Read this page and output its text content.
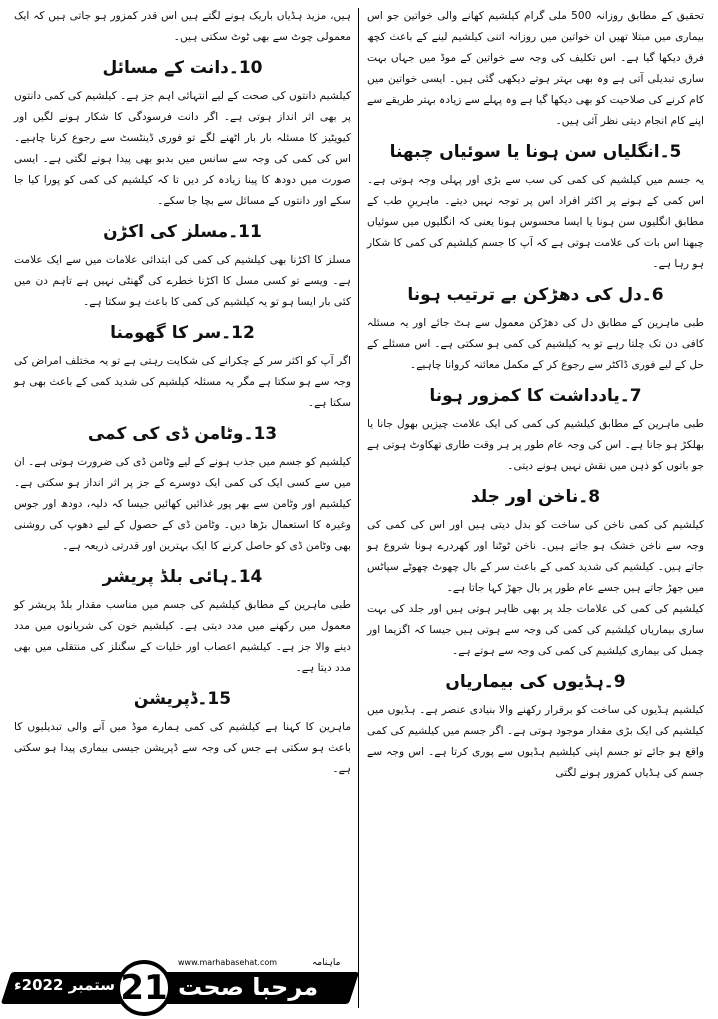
تحقیق کے مطابق روزانہ 500 ملی گرام کیلشیم کھانے والی خواتین جو اس بیماری میں مبتلا تھیں ان خواتین میں روزانہ اتنی کیلشیم لینے کے باعث کچھ فرق دیکھا گیا ہے۔ اس تکلیف کی وجہ سے خواتین کے موڈ میں جہاں بہت ساری تبدیلی آتی ہے وہ بھی بہتر ہوتے دیکھی گئی ہیں۔ ایسی خواتین میں کام کرنے کی صلاحیت کو بھی دیکھا گیا ہے وہ پہلے سے زیادہ بہتر طریقے سے اپنے کام انجام دیتی نظر آئی ہیں۔

5۔انگلیاں سن ہونا یا سوئیاں چبھنا

یہ جسم میں کیلشیم کی کمی کی سب سے بڑی اور پہلی وجہ ہوتی ہے۔ اس کمی کے ہونے پر اکثر افراد اس پر توجہ نہیں دیتے۔ ماہرینِ طب کے مطابق انگلیوں سن ہونا یا ایسا محسوس ہونا یعنی کہ انگلیوں میں سوئیاں چبھنا اس بات کی علامت ہوتی ہے کہ آپ کا جسم کیلشیم کی کمی کا شکار ہو رہا ہے۔

6۔دل کی دھڑکن بے ترتیب ہونا

طبی ماہرین کے مطابق دل کی دھڑکن معمول سے ہٹ جائے اور یہ مسئلہ کافی دن تک چلتا رہے تو یہ کیلشیم کی کمی ہو سکتی ہے۔ اس مسئلے کے حل کے لیے فوری ڈاکٹر سے رجوع کر کے مکمل معائنہ کروانا چاہیے۔

7۔یادداشت کا کمزور ہونا

طبی ماہرین کے مطابق کیلشیم کی کمی کی ایک علامت چیزیں بھول جانا یا بھلکڑ ہو جانا ہے۔ اس کی وجہ عام طور پر ہر وقت طاری تھکاوٹ ہوتی ہے جو باتوں کو ذہن میں نقش نہیں ہونے دیتی۔

8۔ناخن اور جلد

کیلشیم کی کمی ناخن کی ساخت کو بدل دیتی ہیں اور اس کی کمی کی وجہ سے ناخن خشک ہو جاتے ہیں۔ ناخن ٹوٹنا اور کھردرے ہونا شروع ہو جاتے ہیں۔ کیلشیم کی شدید کمی کے باعث سر کے بال چھوٹ چھوٹے سپاٹس میں جھڑ جاتے ہیں جسے عام طور پر بال جھڑ کہا جاتا ہے۔

کیلشیم کی کمی کی علامات جلد پر بھی ظاہر ہوتی ہیں اور جلد کی بہت ساری بیماریاں کیلشیم کی کمی کی وجہ سے ہوتی ہیں جیسا کہ اگزیما اور چمبل کی بیماری کیلشیم کی کمی کی وجہ سے ہوتے ہے۔

9۔ہڈیوں کی بیماریاں

کیلشیم ہڈیوں کی ساخت کو برقرار رکھنے والا بنیادی عنصر ہے۔ ہڈیوں میں کیلشیم کی ایک بڑی مقدار موجود ہوتی ہے۔ اگر جسم میں کیلشیم کی کمی واقع ہو جائے تو جسم اپنی کیلشیم ہڈیوں سے پوری کرتا ہے۔ اس وجہ سے جسم کی ہڈیاں کمزور ہونے لگتی

ہیں، مزید ہڈیاں باریک ہونے لگتے ہیں اس قدر کمزور ہو جاتی ہیں کہ ایک معمولی چوٹ سے بھی ٹوٹ سکتی ہیں۔

10۔دانت کے مسائل

کیلشیم دانتوں کی صحت کے لیے انتہائی اہم جز ہے۔ کیلشیم کی کمی دانتوں پر بھی اثر انداز ہوتی ہے۔ اگر دانت فرسودگی کا شکار ہونے لگیں اور کیویٹیز کا مسئلہ بار بار اٹھنے لگے تو فوری ڈینٹسٹ سے رجوع کرنا چاہیے۔ اس کی کمی کی وجہ سے سانس میں بدبو بھی پیدا ہونے لگتی ہے۔ ایسی صورت میں دودھ کا پینا زیادہ کر دیں تا کہ کیلشیم کی کمی کو پورا کیا جا سکے اور دانتوں کے مسائل سے بچا جا سکے۔

11۔مسلز کی اکڑن

مسلز کا اکڑنا بھی کیلشیم کی کمی کی ابتدائی علامات میں سے ایک علامت ہے۔ ویسے تو کسی مسل کا اکڑنا خطرے کی گھنٹی نہیں ہے تاہم دن میں کئی بار ایسا ہو تو یہ کیلشیم کی کمی کا باعث ہو سکتا ہے۔

12۔سر کا گھومنا

اگر آپ کو اکثر سر کے چکرانے کی شکایت رہتی ہے تو یہ مختلف امراض کی وجہ سے ہو سکتا ہے مگر یہ مسئلہ کیلشیم کی شدید کمی کے باعث بھی ہو سکتا ہے۔

13۔وٹامن ڈی کی کمی

کیلشیم کو جسم میں جذب ہونے کے لیے وٹامن ڈی کی ضرورت ہوتی ہے۔ ان میں سے کسی ایک کی کمی ایک دوسرے کے جز پر اثر انداز ہو سکتی ہے۔ کیلشیم اور وٹامن سے بھر پور غذائیں کھائیں جیسا کہ دلیہ، دودھ اور جوس وغیرہ کا استعمال بڑھا دیں۔ وٹامن ڈی کے حصول کے لیے دھوپ کی روشنی بھی وٹامن ڈی کو حاصل کرنے کا ایک بہترین اور قدرتی ذریعہ ہے۔

14۔ہائی بلڈ پریشر

طبی ماہرین کے مطابق کیلشیم کی جسم میں مناسب مقدار بلڈ پریشر کو معمول میں رکھنے میں مدد دیتی ہے۔ کیلشیم خون کی شریانوں میں مدد دینے والا جز ہے۔ کیلشیم اعصاب اور خلیات کے سگنلز کی منتقلی میں بھی مدد دیتا ہے۔

15۔ڈپریشن

ماہرین کا کہنا ہے کیلشیم کی کمی ہمارے موڈ میں آنے والی تبدیلیوں کا باعث ہو سکتی ہے جس کی وجہ سے ڈپریشن جیسی بیماری پیدا ہو سکتی ہے۔

www.marhabasehat.com	ماہنامہ
مرحبا صحت
21
ستمبر 2022ء
